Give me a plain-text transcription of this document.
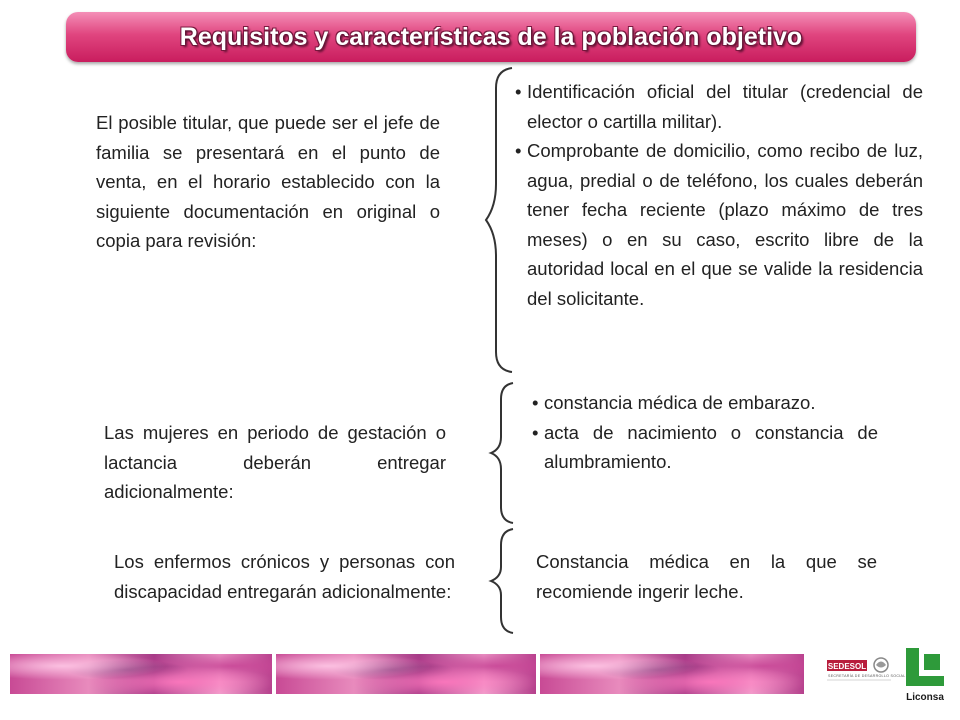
Requisitos y características de la población objetivo
El posible titular, que puede ser el jefe de familia se presentará en el punto de venta, en el horario establecido con la siguiente documentación en original o copia para revisión:
• Identificación oficial del titular (credencial de elector o cartilla militar).
• Comprobante de domicilio, como recibo de luz, agua, predial o de teléfono, los cuales deberán tener fecha reciente (plazo máximo de tres meses) o en su caso, escrito libre de la autoridad local en el que se valide la residencia del solicitante.
Las mujeres en periodo de gestación o lactancia deberán entregar adicionalmente:
• constancia médica de embarazo.
• acta de nacimiento o constancia de alumbramiento.
Los enfermos crónicos y personas con discapacidad entregarán adicionalmente:
Constancia médica en la que se recomiende ingerir leche.
SEDESOL
SECRETARÍA DE DESARROLLO SOCIAL
Liconsa
